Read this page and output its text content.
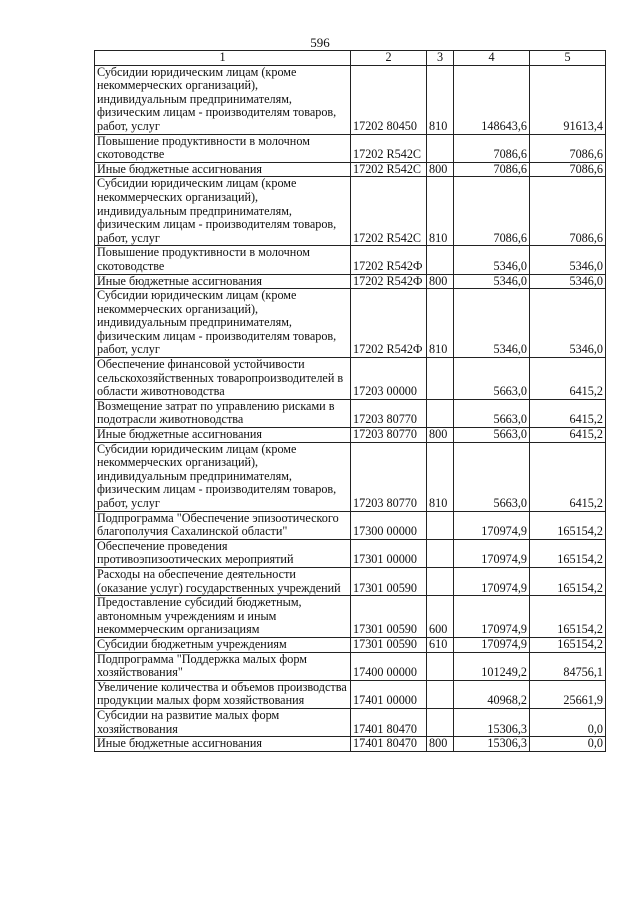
596
1	2	3	4	5
Субсидии юридическим лицам (кроме некоммерческих организаций), индивидуальным предпринимателям, физическим лицам - производителям товаров, работ, услуг	17202 80450	810	148643,6	91613,4
Повышение продуктивности в молочном скотоводстве	17202 R542C		7086,6	7086,6
Иные бюджетные ассигнования	17202 R542C	800	7086,6	7086,6
Субсидии юридическим лицам (кроме некоммерческих организаций), индивидуальным предпринимателям, физическим лицам - производителям товаров, работ, услуг	17202 R542C	810	7086,6	7086,6
Повышение продуктивности в молочном скотоводстве	17202 R542Ф		5346,0	5346,0
Иные бюджетные ассигнования	17202 R542Ф	800	5346,0	5346,0
Субсидии юридическим лицам (кроме некоммерческих организаций), индивидуальным предпринимателям, физическим лицам - производителям товаров, работ, услуг	17202 R542Ф	810	5346,0	5346,0
Обеспечение финансовой устойчивости сельскохозяйственных товаропроизводителей в области животноводства	17203 00000		5663,0	6415,2
Возмещение затрат по управлению рисками в подотрасли животноводства	17203 80770		5663,0	6415,2
Иные бюджетные ассигнования	17203 80770	800	5663,0	6415,2
Субсидии юридическим лицам (кроме некоммерческих организаций), индивидуальным предпринимателям, физическим лицам - производителям товаров, работ, услуг	17203 80770	810	5663,0	6415,2
Подпрограмма "Обеспечение эпизоотического благополучия Сахалинской области"	17300 00000		170974,9	165154,2
Обеспечение проведения противоэпизоотических мероприятий	17301 00000		170974,9	165154,2
Расходы на обеспечение деятельности (оказание услуг) государственных учреждений	17301 00590		170974,9	165154,2
Предоставление субсидий бюджетным, автономным учреждениям и иным некоммерческим организациям	17301 00590	600	170974,9	165154,2
Субсидии бюджетным учреждениям	17301 00590	610	170974,9	165154,2
Подпрограмма "Поддержка малых форм хозяйствования"	17400 00000		101249,2	84756,1
Увеличение количества и объемов производства продукции малых форм хозяйствования	17401 00000		40968,2	25661,9
Субсидии на развитие малых форм хозяйствования	17401 80470		15306,3	0,0
Иные бюджетные ассигнования	17401 80470	800	15306,3	0,0
